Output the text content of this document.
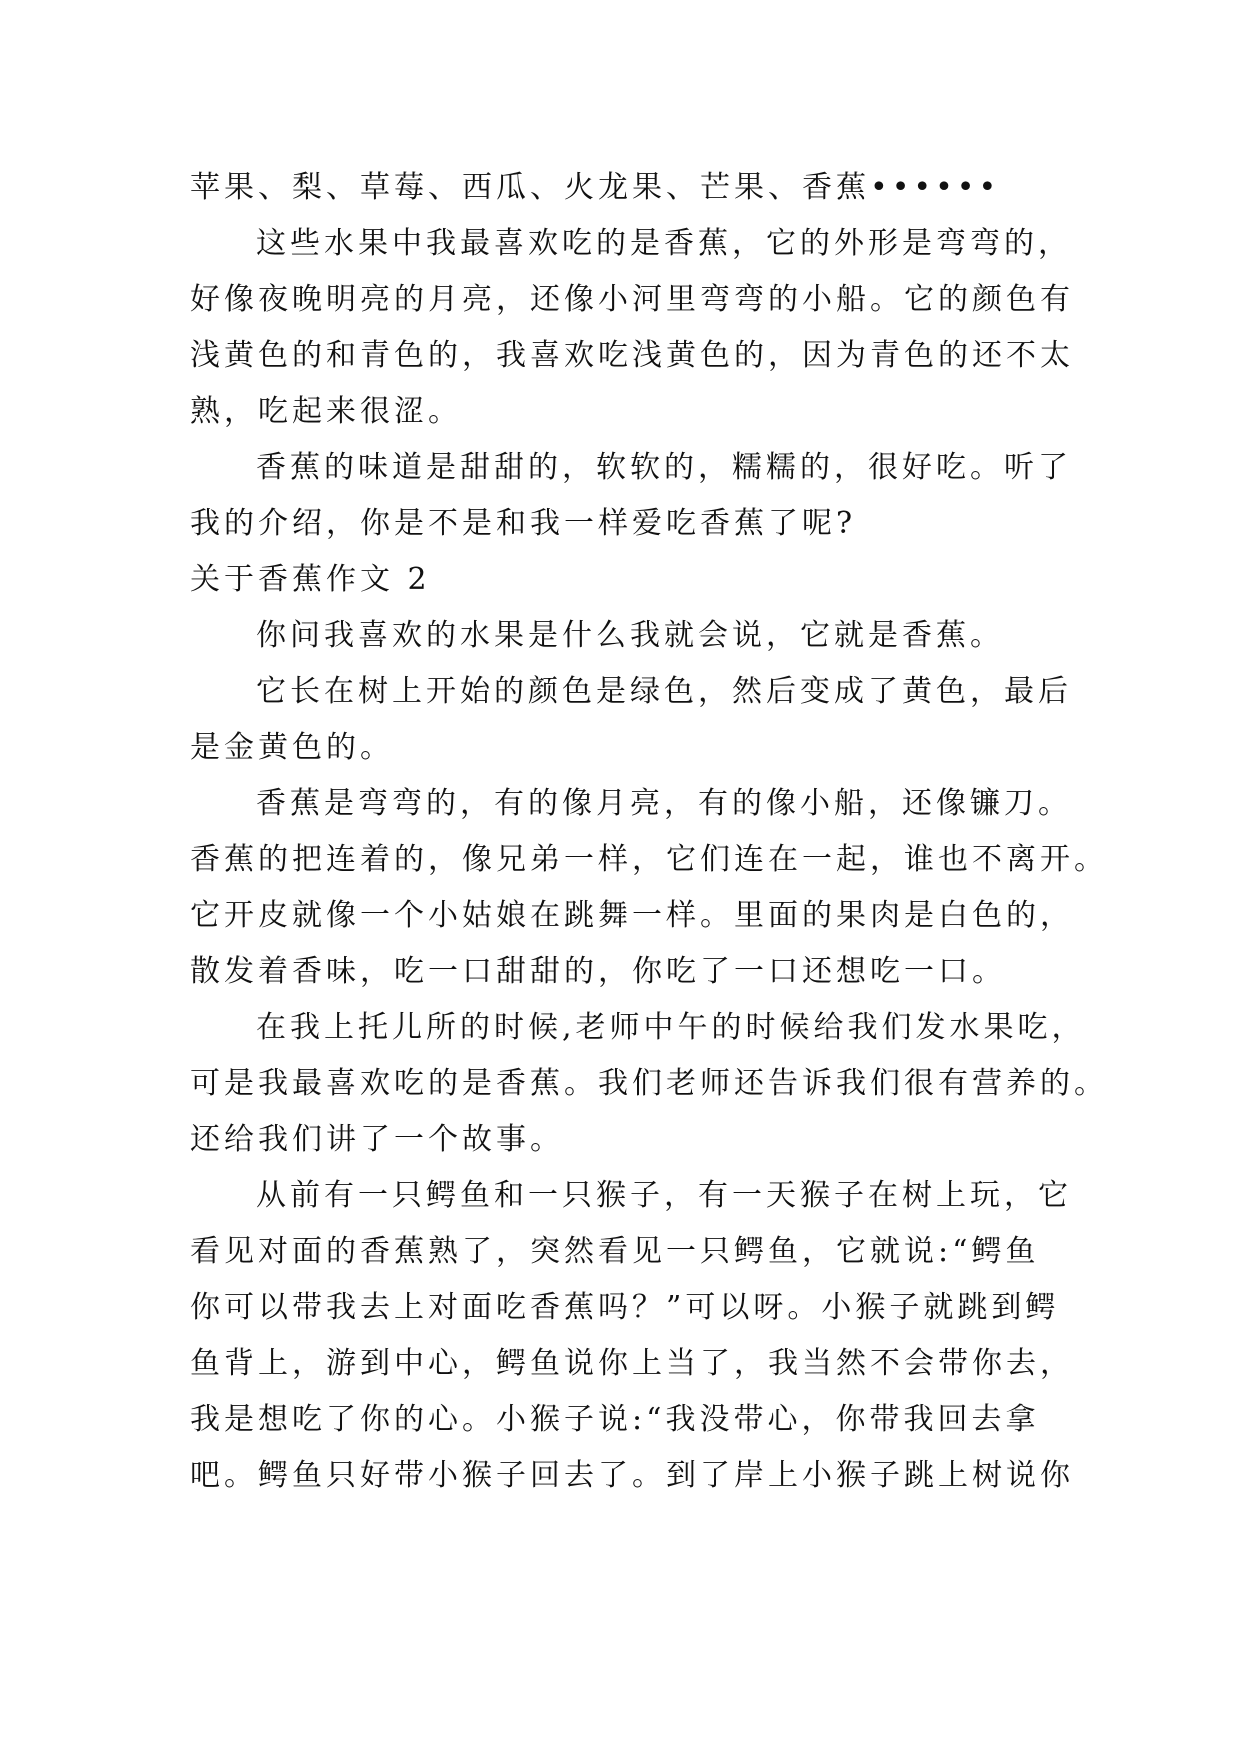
苹果、梨、草莓、西瓜、火龙果、芒果、香蕉••••••
这些水果中我最喜欢吃的是香蕉，它的外形是弯弯的，
好像夜晚明亮的月亮，还像小河里弯弯的小船。它的颜色有
浅黄色的和青色的，我喜欢吃浅黄色的，因为青色的还不太
熟，吃起来很涩。
香蕉的味道是甜甜的，软软的，糯糯的，很好吃。听了
我的介绍，你是不是和我一样爱吃香蕉了呢?
关于香蕉作文 2
你问我喜欢的水果是什么我就会说，它就是香蕉。
它长在树上开始的颜色是绿色，然后变成了黄色，最后
是金黄色的。
香蕉是弯弯的，有的像月亮，有的像小船，还像镰刀。
香蕉的把连着的，像兄弟一样，它们连在一起，谁也不离开。
它开皮就像一个小姑娘在跳舞一样。里面的果肉是白色的，
散发着香味，吃一口甜甜的，你吃了一口还想吃一口。
在我上托儿所的时候,老师中午的时候给我们发水果吃，
可是我最喜欢吃的是香蕉。我们老师还告诉我们很有营养的。
还给我们讲了一个故事。
从前有一只鳄鱼和一只猴子，有一天猴子在树上玩，它
看见对面的香蕉熟了，突然看见一只鳄鱼，它就说:“鳄鱼
你可以带我去上对面吃香蕉吗？”可以呀。小猴子就跳到鳄
鱼背上，游到中心，鳄鱼说你上当了，我当然不会带你去，
我是想吃了你的心。小猴子说:“我没带心，你带我回去拿
吧。鳄鱼只好带小猴子回去了。到了岸上小猴子跳上树说你
